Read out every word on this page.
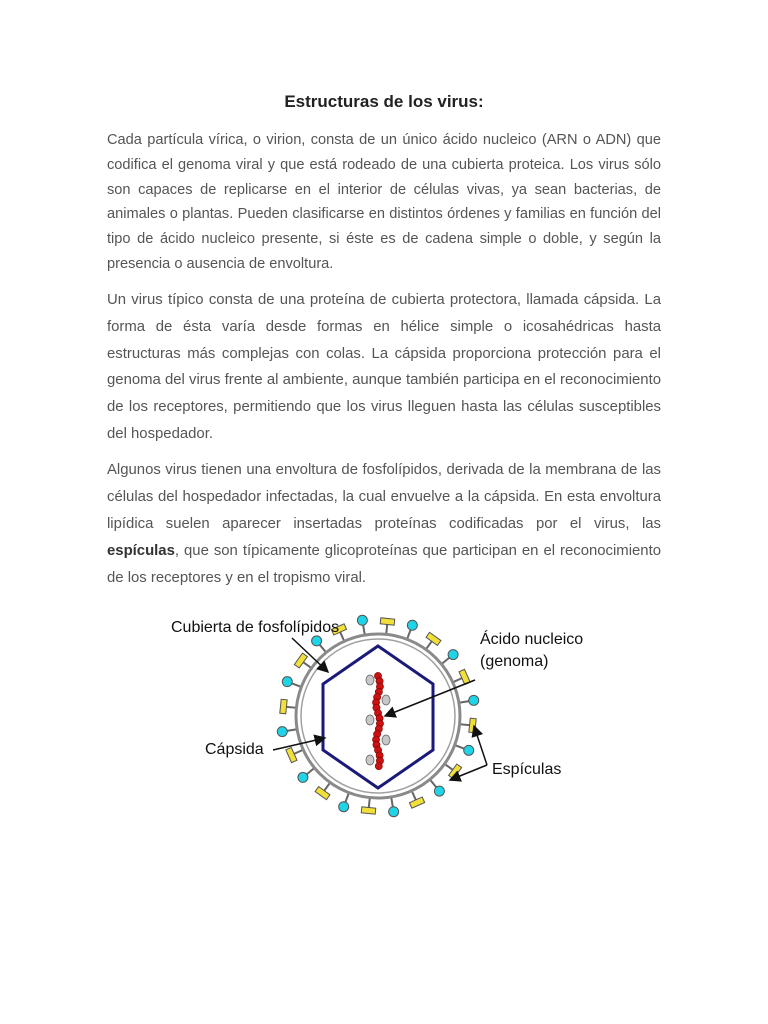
Estructuras de los virus:

Cada partícula vírica, o virion, consta de un único ácido nucleico (ARN o ADN) que codifica el genoma viral y que está rodeado de una cubierta proteica. Los virus sólo son capaces de replicarse en el interior de células vivas, ya sean bacterias, de animales o plantas. Pueden clasificarse en distintos órdenes y familias en función del tipo de ácido nucleico presente, si éste es de cadena simple o doble, y según la presencia o ausencia de envoltura.

Un virus típico consta de una proteína de cubierta protectora, llamada cápsida. La forma de ésta varía desde formas en hélice simple o icosahédricas hasta estructuras más complejas con colas. La cápsida proporciona protección para el genoma del virus frente al ambiente, aunque también participa en el reconocimiento de los receptores, permitiendo que los virus lleguen hasta las células susceptibles del hospedador.

Algunos virus tienen una envoltura de fosfolípidos, derivada de la membrana de las células del hospedador infectadas, la cual envuelve a la cápsida. En esta envoltura lipídica suelen aparecer insertadas proteínas codificadas por el virus, las espículas, que son típicamente glicoproteínas que participan en el reconocimiento de los receptores y en el tropismo viral.

Cubierta de fosfolípidos
Ácido nucleico
(genoma)
Cápsida
Espículas
